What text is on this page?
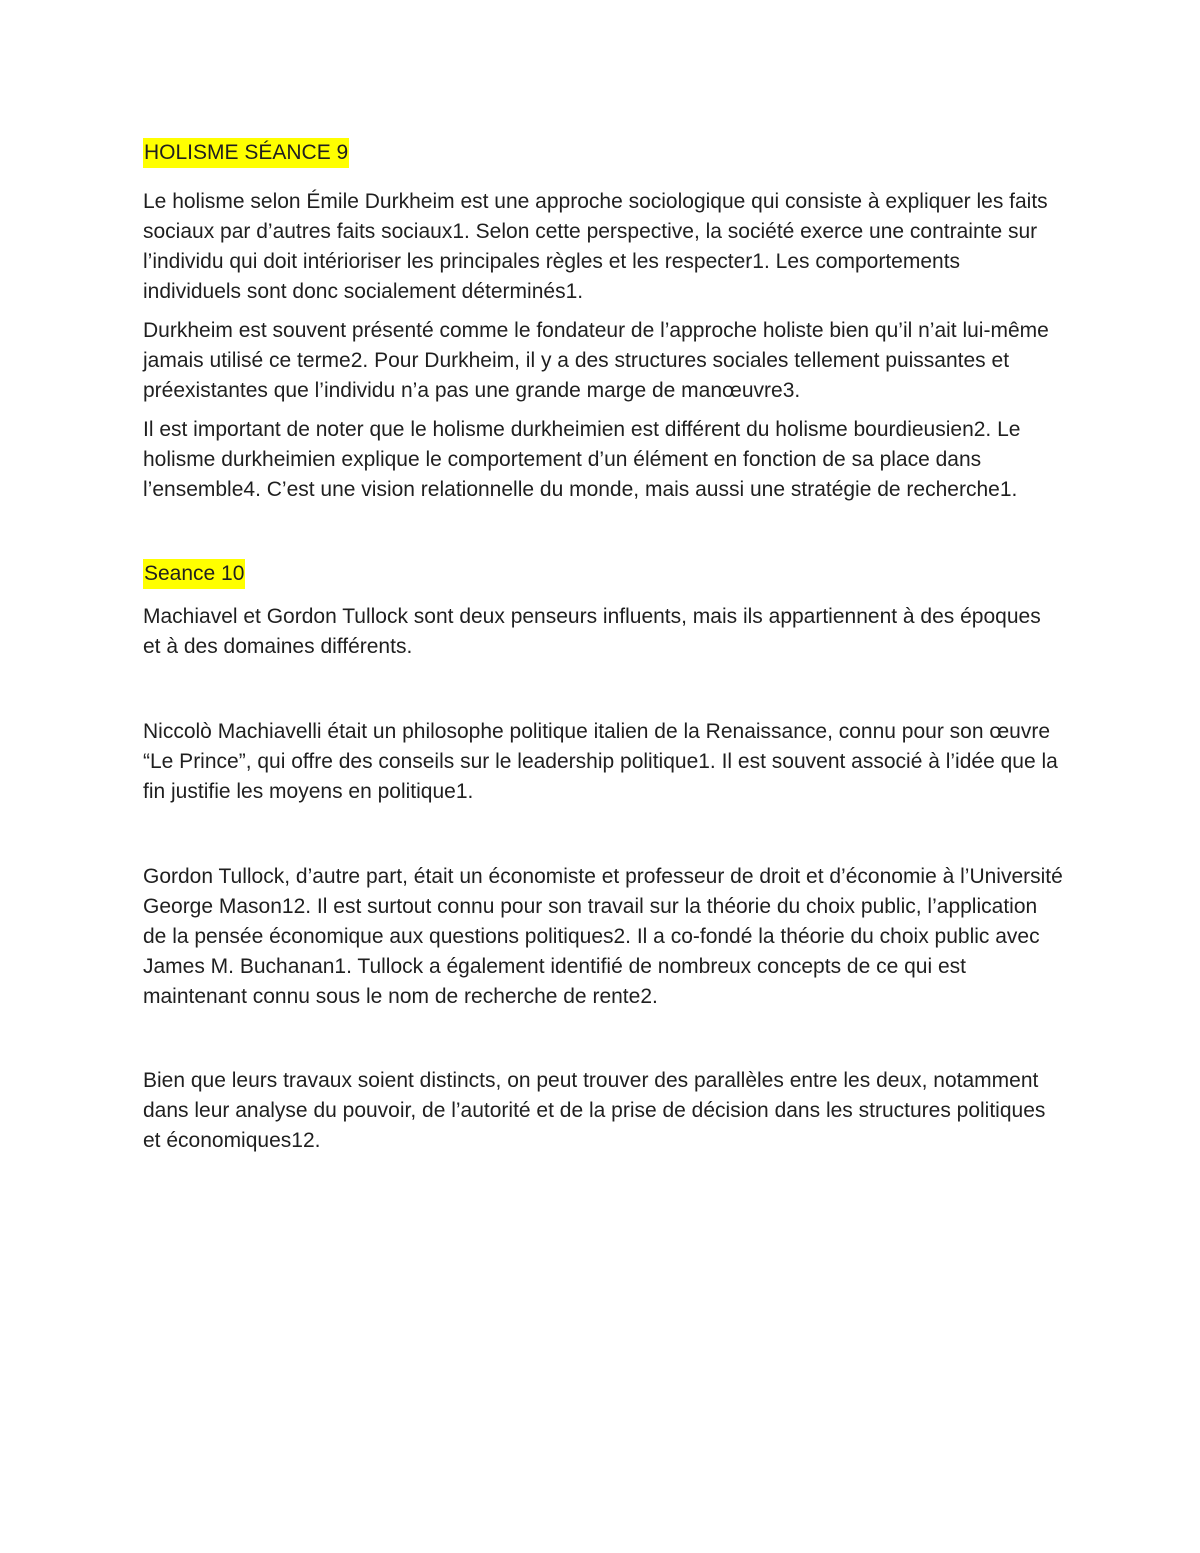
HOLISME SÉANCE 9

Le holisme selon Émile Durkheim est une approche sociologique qui consiste à expliquer les faits sociaux par d’autres faits sociaux1. Selon cette perspective, la société exerce une contrainte sur l’individu qui doit intérioriser les principales règles et les respecter1. Les comportements individuels sont donc socialement déterminés1.

Durkheim est souvent présenté comme le fondateur de l’approche holiste bien qu’il n’ait lui-même jamais utilisé ce terme2. Pour Durkheim, il y a des structures sociales tellement puissantes et préexistantes que l’individu n’a pas une grande marge de manœuvre3.

Il est important de noter que le holisme durkheimien est différent du holisme bourdieusien2. Le holisme durkheimien explique le comportement d’un élément en fonction de sa place dans l’ensemble4. C’est une vision relationnelle du monde, mais aussi une stratégie de recherche1.

Seance 10

Machiavel et Gordon Tullock sont deux penseurs influents, mais ils appartiennent à des époques et à des domaines différents.

Niccolò Machiavelli était un philosophe politique italien de la Renaissance, connu pour son œuvre “Le Prince”, qui offre des conseils sur le leadership politique1. Il est souvent associé à l’idée que la fin justifie les moyens en politique1.

Gordon Tullock, d’autre part, était un économiste et professeur de droit et d’économie à l’Université George Mason12. Il est surtout connu pour son travail sur la théorie du choix public, l’application de la pensée économique aux questions politiques2. Il a co-fondé la théorie du choix public avec James M. Buchanan1. Tullock a également identifié de nombreux concepts de ce qui est maintenant connu sous le nom de recherche de rente2.

Bien que leurs travaux soient distincts, on peut trouver des parallèles entre les deux, notamment dans leur analyse du pouvoir, de l’autorité et de la prise de décision dans les structures politiques et économiques12.
